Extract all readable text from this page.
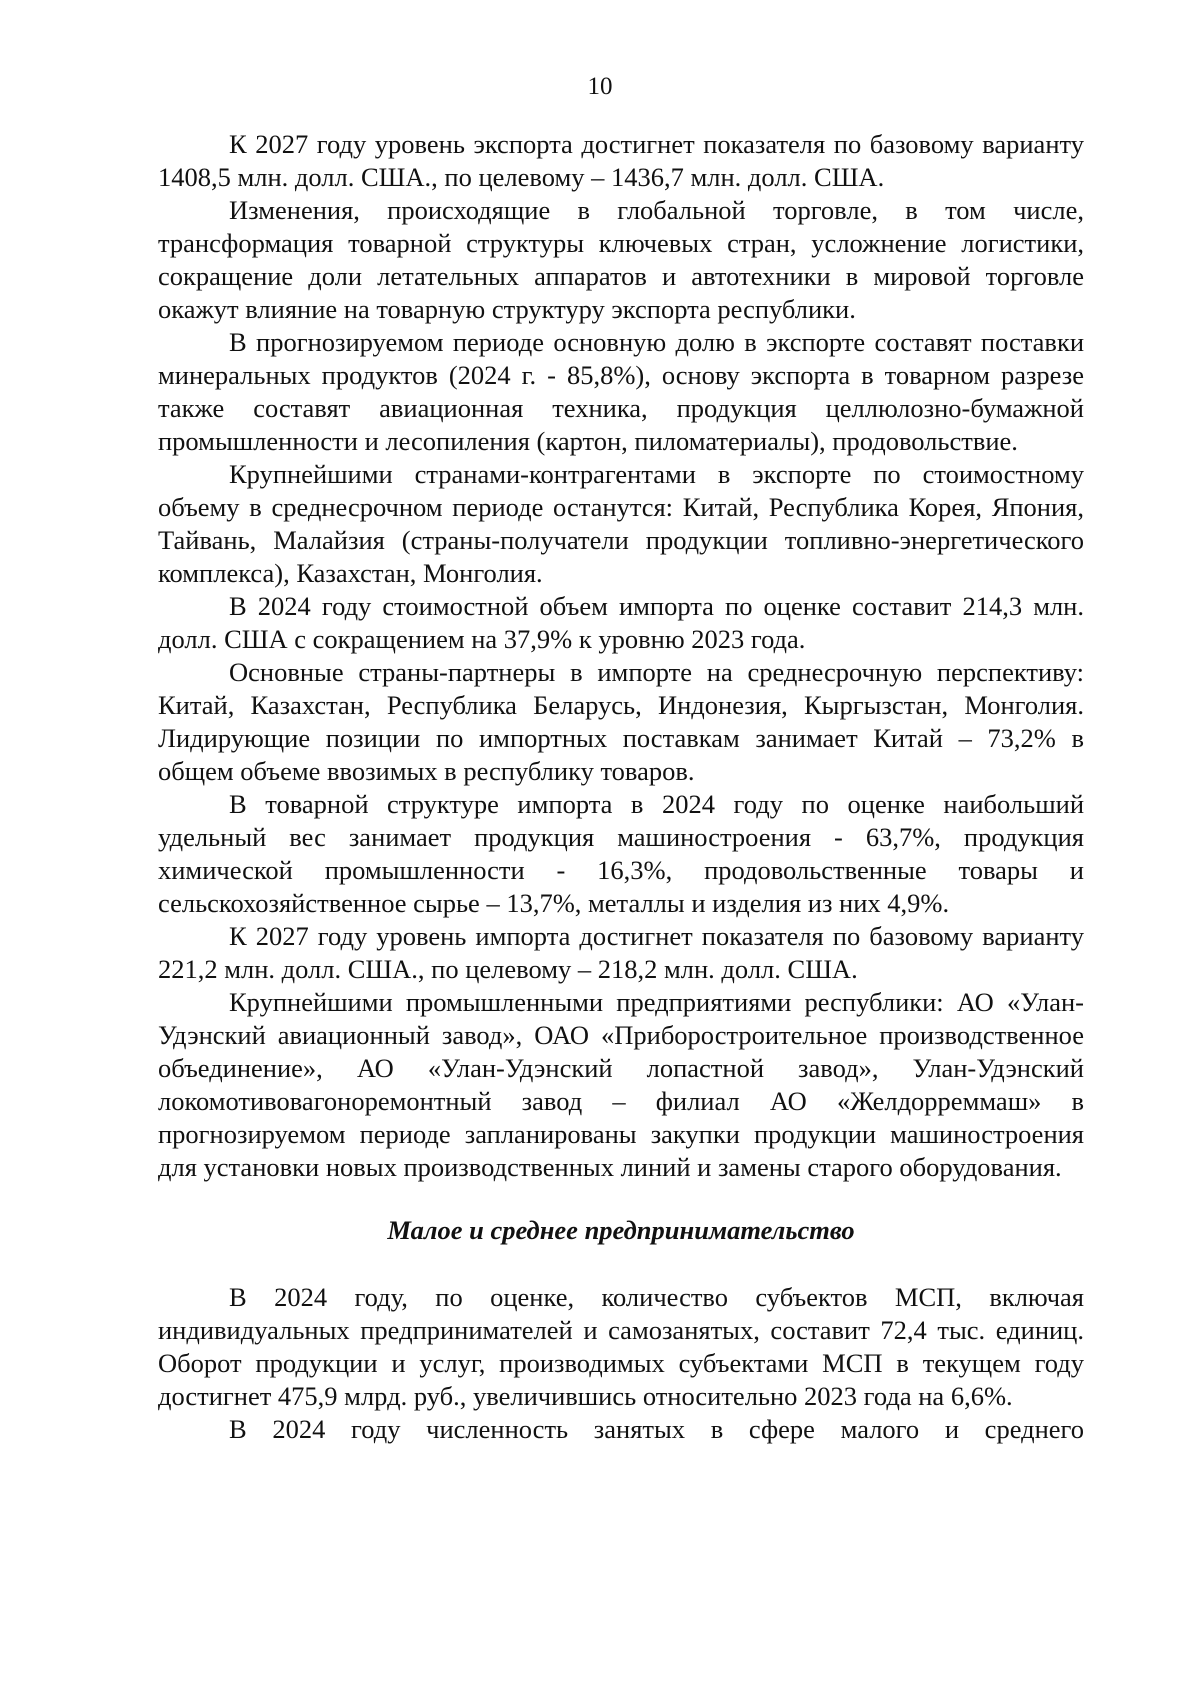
10

К 2027 году уровень экспорта достигнет показателя по базовому варианту 1408,5 млн. долл. США., по целевому – 1436,7 млн. долл. США.

Изменения, происходящие в глобальной торговле, в том числе, трансформация товарной структуры ключевых стран, усложнение логистики, сокращение доли летательных аппаратов и автотехники в мировой торговле окажут влияние на товарную структуру экспорта республики.

В прогнозируемом периоде основную долю в экспорте составят поставки минеральных продуктов (2024 г. - 85,8%), основу экспорта в товарном разрезе также составят авиационная техника, продукция целлюлозно-бумажной промышленности и лесопиления (картон, пиломатериалы), продовольствие.

Крупнейшими странами-контрагентами в экспорте по стоимостному объему в среднесрочном периоде останутся: Китай, Республика Корея, Япония, Тайвань, Малайзия (страны-получатели продукции топливно-энергетического комплекса), Казахстан, Монголия.

В 2024 году стоимостной объем импорта по оценке составит 214,3 млн. долл. США с сокращением на 37,9% к уровню 2023 года.

Основные страны-партнеры в импорте на среднесрочную перспективу: Китай, Казахстан, Республика Беларусь, Индонезия, Кыргызстан, Монголия. Лидирующие позиции по импортных поставкам занимает Китай – 73,2% в общем объеме ввозимых в республику товаров.

В товарной структуре импорта в 2024 году по оценке наибольший удельный вес занимает продукция машиностроения - 63,7%, продукция химической промышленности - 16,3%, продовольственные товары и сельскохозяйственное сырье – 13,7%, металлы и изделия из них 4,9%.

К 2027 году уровень импорта достигнет показателя по базовому варианту 221,2 млн. долл. США., по целевому – 218,2 млн. долл. США.

Крупнейшими промышленными предприятиями республики: АО «Улан-Удэнский авиационный завод», ОАО «Приборостроительное производственное объединение», АО «Улан-Удэнский лопастной завод», Улан-Удэнский локомотивовагоноремонтный завод – филиал АО «Желдорреммаш» в прогнозируемом периоде запланированы закупки продукции машиностроения для установки новых производственных линий и замены старого оборудования.

Малое и среднее предпринимательство

В 2024 году, по оценке, количество субъектов МСП, включая индивидуальных предпринимателей и самозанятых, составит 72,4 тыс. единиц. Оборот продукции и услуг, производимых субъектами МСП в текущем году достигнет 475,9 млрд. руб., увеличившись относительно 2023 года на 6,6%.

В 2024 году численность занятых в сфере малого и среднего
